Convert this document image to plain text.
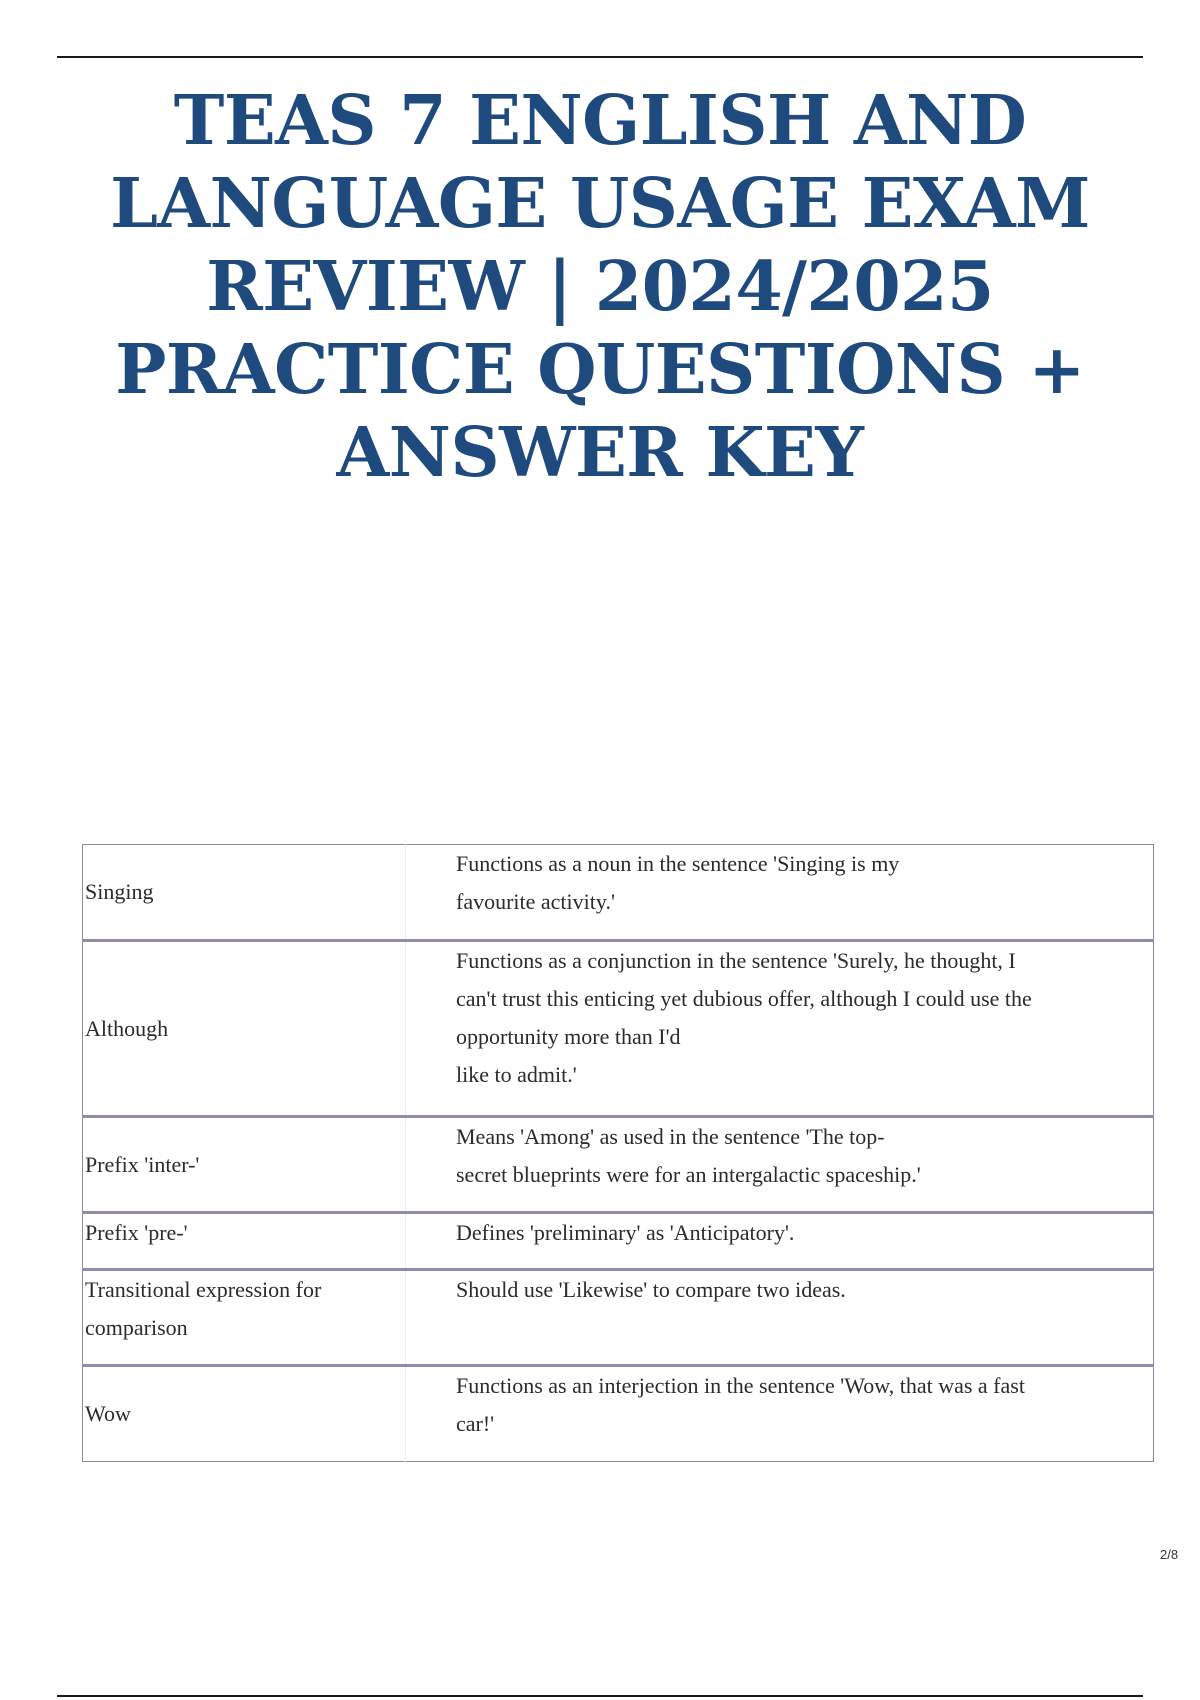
TEAS 7 ENGLISH AND
LANGUAGE USAGE EXAM
REVIEW | 2024/2025
PRACTICE QUESTIONS +
ANSWER KEY
Singing	Functions as a noun in the sentence 'Singing is my
favourite activity.'

Although	Functions as a conjunction in the sentence 'Surely, he thought, I
can't trust this enticing yet dubious offer, although I could use the
opportunity more than I'd
like to admit.'

Prefix 'inter-'	Means 'Among' as used in the sentence 'The top-
secret blueprints were for an intergalactic spaceship.'

Prefix 'pre-'	Defines 'preliminary' as 'Anticipatory'.

Transitional expression for
comparison	Should use 'Likewise' to compare two ideas.

Wow	Functions as an interjection in the sentence 'Wow, that was a fast
car!'
2/8
